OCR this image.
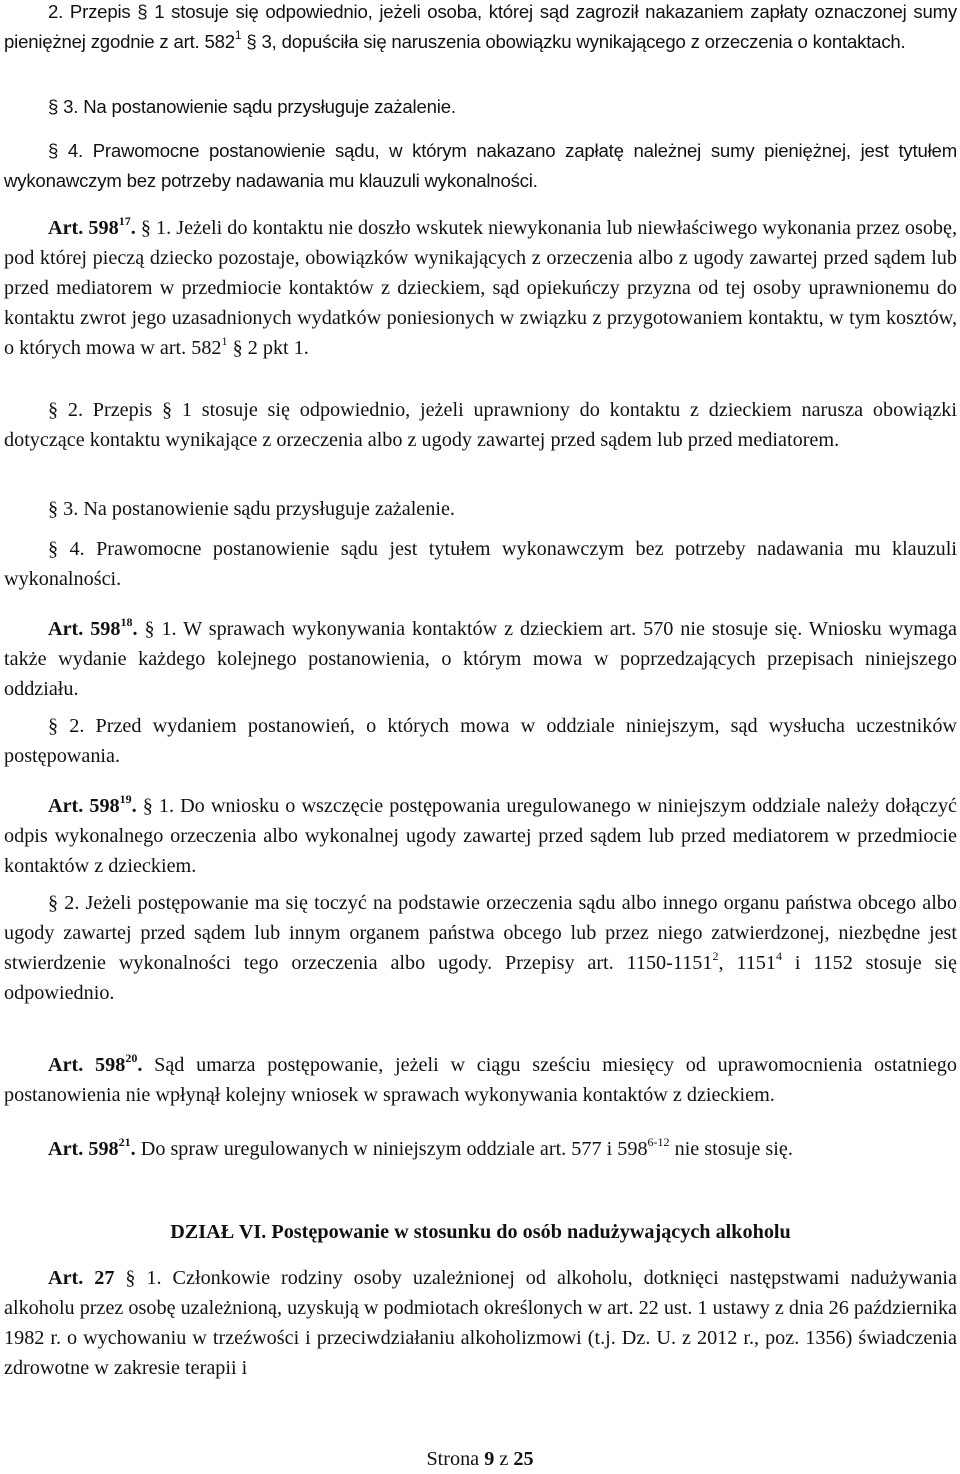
2. Przepis § 1 stosuje się odpowiednio, jeżeli osoba, której sąd zagroził nakazaniem zapłaty oznaczonej sumy pieniężnej zgodnie z art. $582^1$ § 3, dopuściła się naruszenia obowiązku wynikającego z orzeczenia o kontaktach.

§ 3. Na postanowienie sądu przysługuje zażalenie.

§ 4. Prawomocne postanowienie sądu, w którym nakazano zapłatę należnej sumy pieniężnej, jest tytułem wykonawczym bez potrzeby nadawania mu klauzuli wykonalności.

Art. $598^{17}$. § 1. Jeżeli do kontaktu nie doszło wskutek niewykonania lub niewłaściwego wykonania przez osobę, pod której pieczą dziecko pozostaje, obowiązków wynikających z orzeczenia albo z ugody zawartej przed sądem lub przed mediatorem w przedmiocie kontaktów z dzieckiem, sąd opiekuńczy przyzna od tej osoby uprawnionemu do kontaktu zwrot jego uzasadnionych wydatków poniesionych w związku z przygotowaniem kontaktu, w tym kosztów, o których mowa w art. $582^1$ § 2 pkt 1.

§ 2. Przepis § 1 stosuje się odpowiednio, jeżeli uprawniony do kontaktu z dzieckiem narusza obowiązki dotyczące kontaktu wynikające z orzeczenia albo z ugody zawartej przed sądem lub przed mediatorem.

§ 3. Na postanowienie sądu przysługuje zażalenie.

§ 4. Prawomocne postanowienie sądu jest tytułem wykonawczym bez potrzeby nadawania mu klauzuli wykonalności.

Art. $598^{18}$. § 1. W sprawach wykonywania kontaktów z dzieckiem art. 570 nie stosuje się. Wniosku wymaga także wydanie każdego kolejnego postanowienia, o którym mowa w poprzedzających przepisach niniejszego oddziału.

§ 2. Przed wydaniem postanowień, o których mowa w oddziale niniejszym, sąd wysłucha uczestników postępowania.

Art. $598^{19}$. § 1. Do wniosku o wszczęcie postępowania uregulowanego w niniejszym oddziale należy dołączyć odpis wykonalnego orzeczenia albo wykonalnej ugody zawartej przed sądem lub przed mediatorem w przedmiocie kontaktów z dzieckiem.

§ 2. Jeżeli postępowanie ma się toczyć na podstawie orzeczenia sądu albo innego organu państwa obcego albo ugody zawartej przed sądem lub innym organem państwa obcego lub przez niego zatwierdzonej, niezbędne jest stwierdzenie wykonalności tego orzeczenia albo ugody. Przepisy art. 1150-1151$^2$, 1151$^4$ i 1152 stosuje się odpowiednio.

Art. $598^{20}$. Sąd umarza postępowanie, jeżeli w ciągu sześciu miesięcy od uprawomocnienia ostatniego postanowienia nie wpłynął kolejny wniosek w sprawach wykonywania kontaktów z dzieckiem.

Art. $598^{21}$. Do spraw uregulowanych w niniejszym oddziale art. 577 i 598$^{6-12}$ nie stosuje się.

DZIAŁ VI. Postępowanie w stosunku do osób nadużywających alkoholu

Art. 27 § 1. Członkowie rodziny osoby uzależnionej od alkoholu, dotknięci następstwami nadużywania alkoholu przez osobę uzależnioną, uzyskują w podmiotach określonych w art. 22 ust. 1 ustawy z dnia 26 października 1982 r. o wychowaniu w trzeźwości i przeciwdziałaniu alkoholizmowi (t.j. Dz. U. z 2012 r., poz. 1356) świadczenia zdrowotne w zakresie terapii i

Strona 9 z 25
